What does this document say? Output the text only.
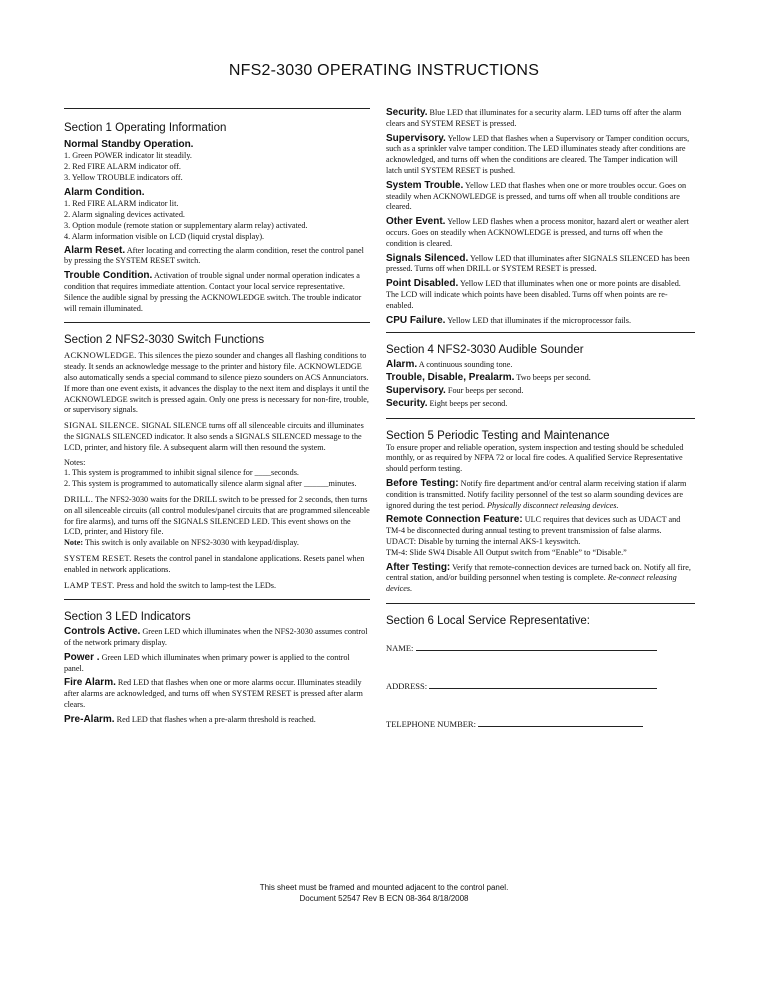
NFS2-3030 OPERATING INSTRUCTIONS
Section 1 Operating Information
Normal Standby Operation.
1. Green POWER indicator lit steadily.
2. Red FIRE ALARM indicator off.
3. Yellow TROUBLE indicators off.
Alarm Condition.
1. Red FIRE ALARM indicator lit.
2. Alarm signaling devices activated.
3. Option module (remote station or supplementary alarm relay) activated.
4. Alarm information visible on LCD (liquid crystal display).
Alarm Reset. After locating and correcting the alarm condition, reset the control panel by pressing the SYSTEM RESET switch.
Trouble Condition. Activation of trouble signal under normal operation indicates a condition that requires immediate attention. Contact your local service representative. Silence the audible signal by pressing the ACKNOWLEDGE switch. The trouble indicator will remain illuminated.
Section 2 NFS2-3030 Switch Functions
ACKNOWLEDGE. This silences the piezo sounder and changes all flashing conditions to steady. It sends an acknowledge message to the printer and history file. ACKNOWLEDGE also automatically sends a special command to silence piezo sounders on ACS Annunciators. If more than one event exists, it advances the display to the next item and displays it until the ACKNOWLEDGE switch is pressed again. Only one press is necessary for non-fire, trouble, or supervisory signals.
SIGNAL SILENCE. SIGNAL SILENCE turns off all silenceable circuits and illuminates the SIGNALS SILENCED indicator. It also sends a SIGNALS SILENCED message to the LCD, printer, and history file. A subsequent alarm will then resound the system.
Notes:
1. This system is programmed to inhibit signal silence for ____seconds.
2. This system is programmed to automatically silence alarm signal after ______minutes.
DRILL. The NFS2-3030 waits for the DRILL switch to be pressed for 2 seconds, then turns on all silenceable circuits (all control modules/panel circuits that are programmed silenceable for fire alarms), and turns off the SIGNALS SILENCED LED. This event shows on the LCD, printer, and History file.
Note: This switch is only available on NFS2-3030 with keypad/display.
SYSTEM RESET. Resets the control panel in standalone applications. Resets panel when enabled in network applications.
LAMP TEST. Press and hold the switch to lamp-test the LEDs.
Section 3 LED Indicators
Controls Active. Green LED which illuminates when the NFS2-3030 assumes control of the network primary display.
Power . Green LED which illuminates when primary power is applied to the control panel.
Fire Alarm. Red LED that flashes when one or more alarms occur. Illuminates steadily after alarms are acknowledged, and turns off when SYSTEM RESET is pressed after alarm clears.
Pre-Alarm. Red LED that flashes when a pre-alarm threshold is reached.
Security. Blue LED that illuminates for a security alarm. LED turns off after the alarm clears and SYSTEM RESET is pressed.
Supervisory. Yellow LED that flashes when a Supervisory or Tamper condition occurs, such as a sprinkler valve tamper condition. The LED illuminates steady after conditions are acknowledged, and turns off when the conditions are cleared. The Tamper indication will latch until SYSTEM RESET is pushed.
System Trouble. Yellow LED that flashes when one or more troubles occur. Goes on steadily when ACKNOWLEDGE is pressed, and turns off when all trouble conditions are cleared.
Other Event. Yellow LED flashes when a process monitor, hazard alert or weather alert occurs. Goes on steadily when ACKNOWLEDGE is pressed, and turns off when the condition is cleared.
Signals Silenced. Yellow LED that illuminates after SIGNALS SILENCED has been pressed. Turns off when DRILL or SYSTEM RESET is pressed.
Point Disabled. Yellow LED that illuminates when one or more points are disabled. The LCD will indicate which points have been disabled. Turns off when points are re-enabled.
CPU Failure. Yellow LED that illuminates if the microprocessor fails.
Section 4 NFS2-3030 Audible Sounder
Alarm. A continuous sounding tone.
Trouble, Disable, Prealarm. Two beeps per second.
Supervisory. Four beeps per second.
Security. Eight beeps per second.
Section 5 Periodic Testing and Maintenance
To ensure proper and reliable operation, system inspection and testing should be scheduled monthly, or as required by NFPA 72 or local fire codes. A qualified Service Representative should perform testing.
Before Testing: Notify fire department and/or central alarm receiving station if alarm condition is transmitted. Notify facility personnel of the test so alarm sounding devices are ignored during the test period. Physically disconnect releasing devices.
Remote Connection Feature: ULC requires that devices such as UDACT and TM-4 be disconnected during annual testing to prevent transmission of false alarms.
UDACT: Disable by turning the internal AKS-1 keyswitch.
TM-4: Slide SW4 Disable All Output switch from “Enable” to “Disable.”
After Testing: Verify that remote-connection devices are turned back on. Notify all fire, central station, and/or building personnel when testing is complete. Re-connect releasing devices.
Section 6 Local Service Representative:
NAME:
ADDRESS:
TELEPHONE NUMBER:
This sheet must be framed and mounted adjacent to the control panel.
Document 52547 Rev B ECN 08-364 8/18/2008
